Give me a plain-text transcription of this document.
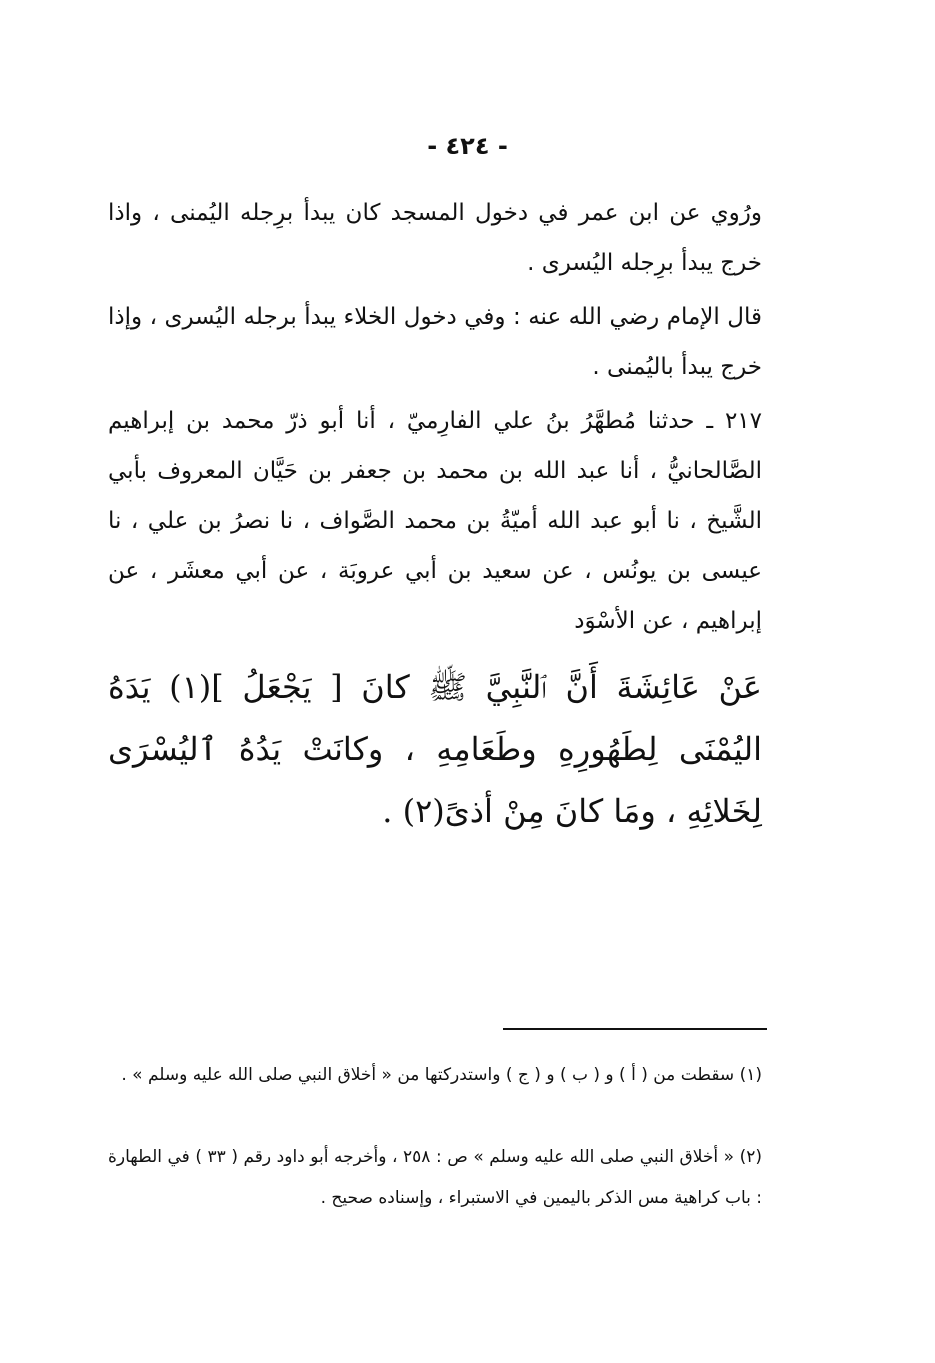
- ٤٢٤ -

ورُوي عن ابن عمر في دخول المسجد كان يبدأ برِجله اليُمنى ، واذا خرج يبدأ برِجله اليُسرى .

قال الإمام رضي الله عنه : وفي دخول الخلاء يبدأ برجله اليُسرى ، وإذا خرج يبدأ باليُمنى .

٢١٧ ـ حدثنا مُطهَّرُ بنُ علي الفارِميّ ، أنا أبو ذرّ محمد بن إبراهيم الصَّالحانيُّ ، أنا عبد الله بن محمد بن جعفر بن حَيَّان المعروف بأبي الشَّيخ ، نا أبو عبد الله أميّةُ بن محمد الصَّواف ، نا نصرُ بن علي ، نا عيسى بن يونُس ، عن سعيد بن أبي عروبَة ، عن أبي معشَر ، عن إبراهيم ، عن الأسْوَد

عَنْ عَائِشَةَ أَنَّ ٱلنَّبِيَّ ﷺ كانَ [ يَجْعَلُ ](١) يَدَهُ اليُمْنَى لِطَهُورِهِ وطَعَامِهِ ، وكانَتْ يَدُهُ ٱليُسْرَى لِخَلائِهِ ، ومَا كانَ مِنْ أذىً(٢) .

(١) سقطت من ( أ ) و ( ب ) و ( ج ) واستدركتها من « أخلاق النبي صلى الله عليه وسلم » .

(٢) « أخلاق النبي صلى الله عليه وسلم » ص : ٢٥٨ ، وأخرجه أبو داود رقم ( ٣٣ ) في الطهارة : باب كراهية مس الذكر باليمين في الاستبراء ، وإسناده صحيح .
